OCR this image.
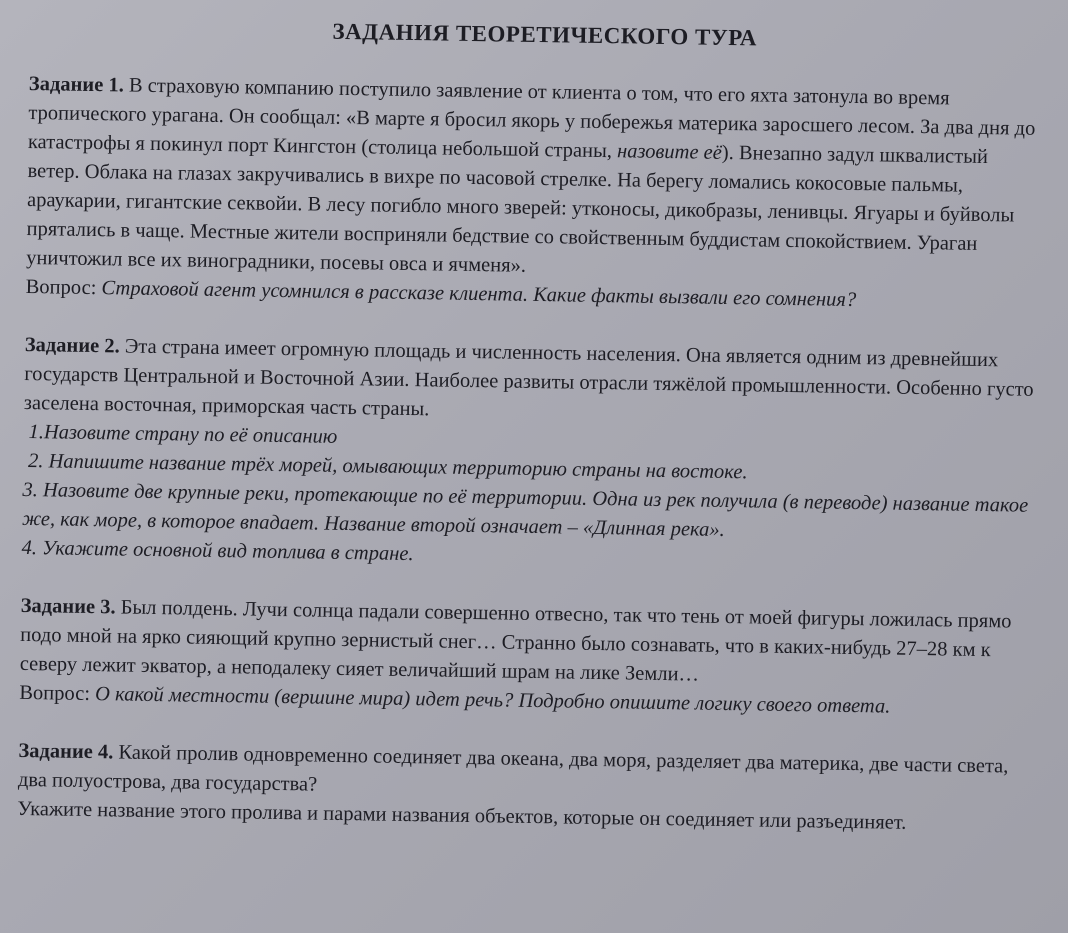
ЗАДАНИЯ ТЕОРЕТИЧЕСКОГО ТУРА

Задание 1. В страховую компанию поступило заявление от клиента о том, что его яхта затонула во время тропического урагана. Он сообщал: «В марте я бросил якорь у побережья материка заросшего лесом. За два дня до катастрофы я покинул порт Кингстон (столица небольшой страны, назовите её). Внезапно задул шквалистый ветер. Облака на глазах закручивались в вихре по часовой стрелке. На берегу ломались кокосовые пальмы, араукарии, гигантские секвойи. В лесу погибло много зверей: утконосы, дикобразы, ленивцы. Ягуары и буйволы прятались в чаще. Местные жители восприняли бедствие со свойственным буддистам спокойствием. Ураган уничтожил все их виноградники, посевы овса и ячменя».

Вопрос: Страховой агент усомнился в рассказе клиента. Какие факты вызвали его сомнения?

Задание 2. Эта страна имеет огромную площадь и численность населения. Она является одним из древнейших государств Центральной и Восточной Азии. Наиболее развиты отрасли тяжёлой промышленности. Особенно густо заселена восточная, приморская часть страны.

1.Назовите страну по её описанию

2. Напишите название трёх морей, омывающих территорию страны на востоке.

3. Назовите две крупные реки, протекающие по её территории. Одна из рек получила (в переводе) название такое же, как море, в которое впадает. Название второй означает – «Длинная река».

4. Укажите основной вид топлива в стране.

Задание 3. Был полдень. Лучи солнца падали совершенно отвесно, так что тень от моей фигуры ложилась прямо подо мной на ярко сияющий крупно зернистый снег… Странно было сознавать, что в каких-нибудь 27–28 км к северу лежит экватор, а неподалеку сияет величайший шрам на лике Земли…

Вопрос: О какой местности (вершине мира) идет речь? Подробно опишите логику своего ответа.

Задание 4. Какой пролив одновременно соединяет два океана, два моря, разделяет два материка, две части света, два полуострова, два государства?

Укажите название этого пролива и парами названия объектов, которые он соединяет или разъединяет.
